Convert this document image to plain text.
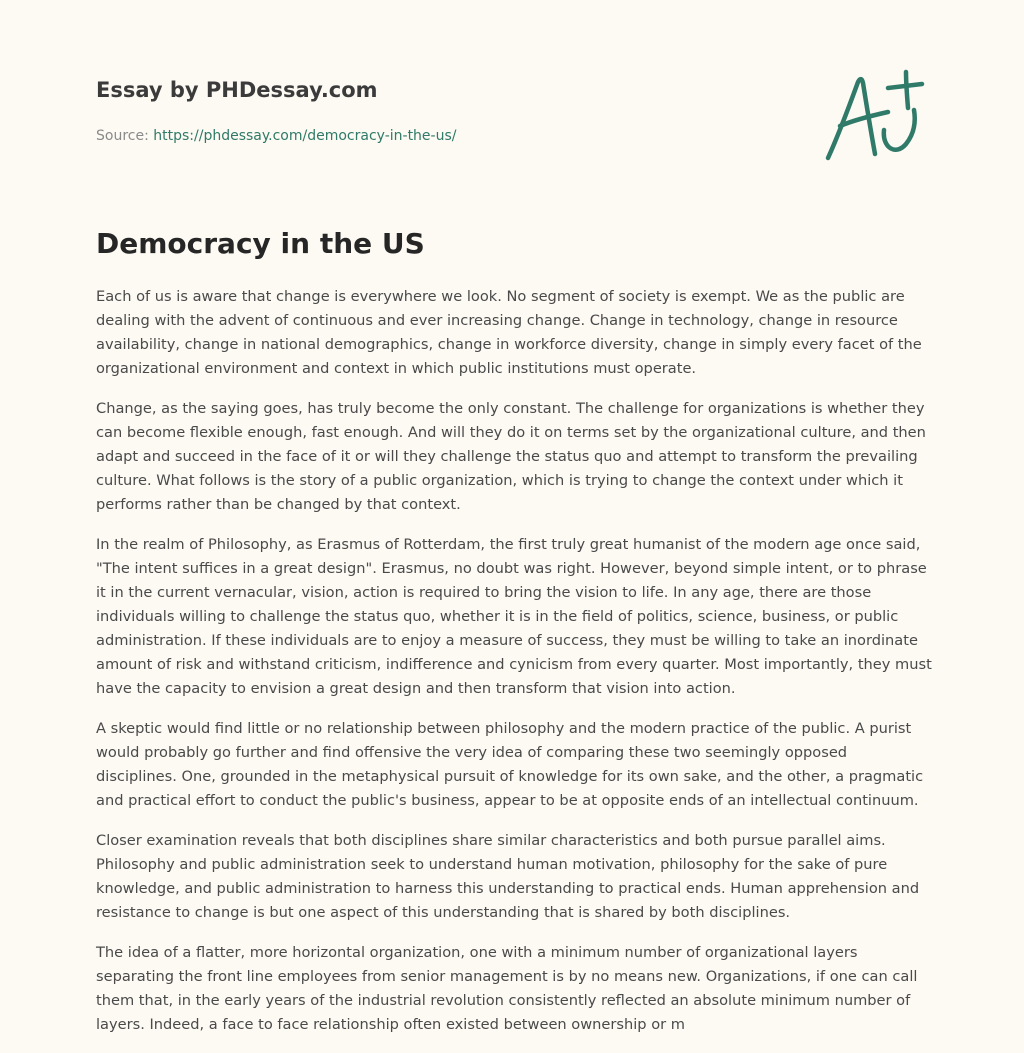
Essay by PHDessay.com
Source: https://phdessay.com/democracy-in-the-us/
Democracy in the US

Each of us is aware that change is everywhere we look. No segment of society is exempt. We as the public are dealing with the advent of continuous and ever increasing change. Change in technology, change in resource availability, change in national demographics, change in workforce diversity, change in simply every facet of the organizational environment and context in which public institutions must operate.

Change, as the saying goes, has truly become the only constant. The challenge for organizations is whether they can become flexible enough, fast enough. And will they do it on terms set by the organizational culture, and then adapt and succeed in the face of it or will they challenge the status quo and attempt to transform the prevailing culture. What follows is the story of a public organization, which is trying to change the context under which it performs rather than be changed by that context.

In the realm of Philosophy, as Erasmus of Rotterdam, the first truly great humanist of the modern age once said, "The intent suffices in a great design". Erasmus, no doubt was right. However, beyond simple intent, or to phrase it in the current vernacular, vision, action is required to bring the vision to life. In any age, there are those individuals willing to challenge the status quo, whether it is in the field of politics, science, business, or public administration. If these individuals are to enjoy a measure of success, they must be willing to take an inordinate amount of risk and withstand criticism, indifference and cynicism from every quarter. Most importantly, they must have the capacity to envision a great design and then transform that vision into action.

A skeptic would find little or no relationship between philosophy and the modern practice of the public. A purist would probably go further and find offensive the very idea of comparing these two seemingly opposed disciplines. One, grounded in the metaphysical pursuit of knowledge for its own sake, and the other, a pragmatic and practical effort to conduct the public's business, appear to be at opposite ends of an intellectual continuum.

Closer examination reveals that both disciplines share similar characteristics and both pursue parallel aims. Philosophy and public administration seek to understand human motivation, philosophy for the sake of pure knowledge, and public administration to harness this understanding to practical ends. Human apprehension and resistance to change is but one aspect of this understanding that is shared by both disciplines.

The idea of a flatter, more horizontal organization, one with a minimum number of organizational layers separating the front line employees from senior management is by no means new. Organizations, if one can call them that, in the early years of the industrial revolution consistently reflected an absolute minimum number of layers. Indeed, a face to face relationship often existed between ownership or m
